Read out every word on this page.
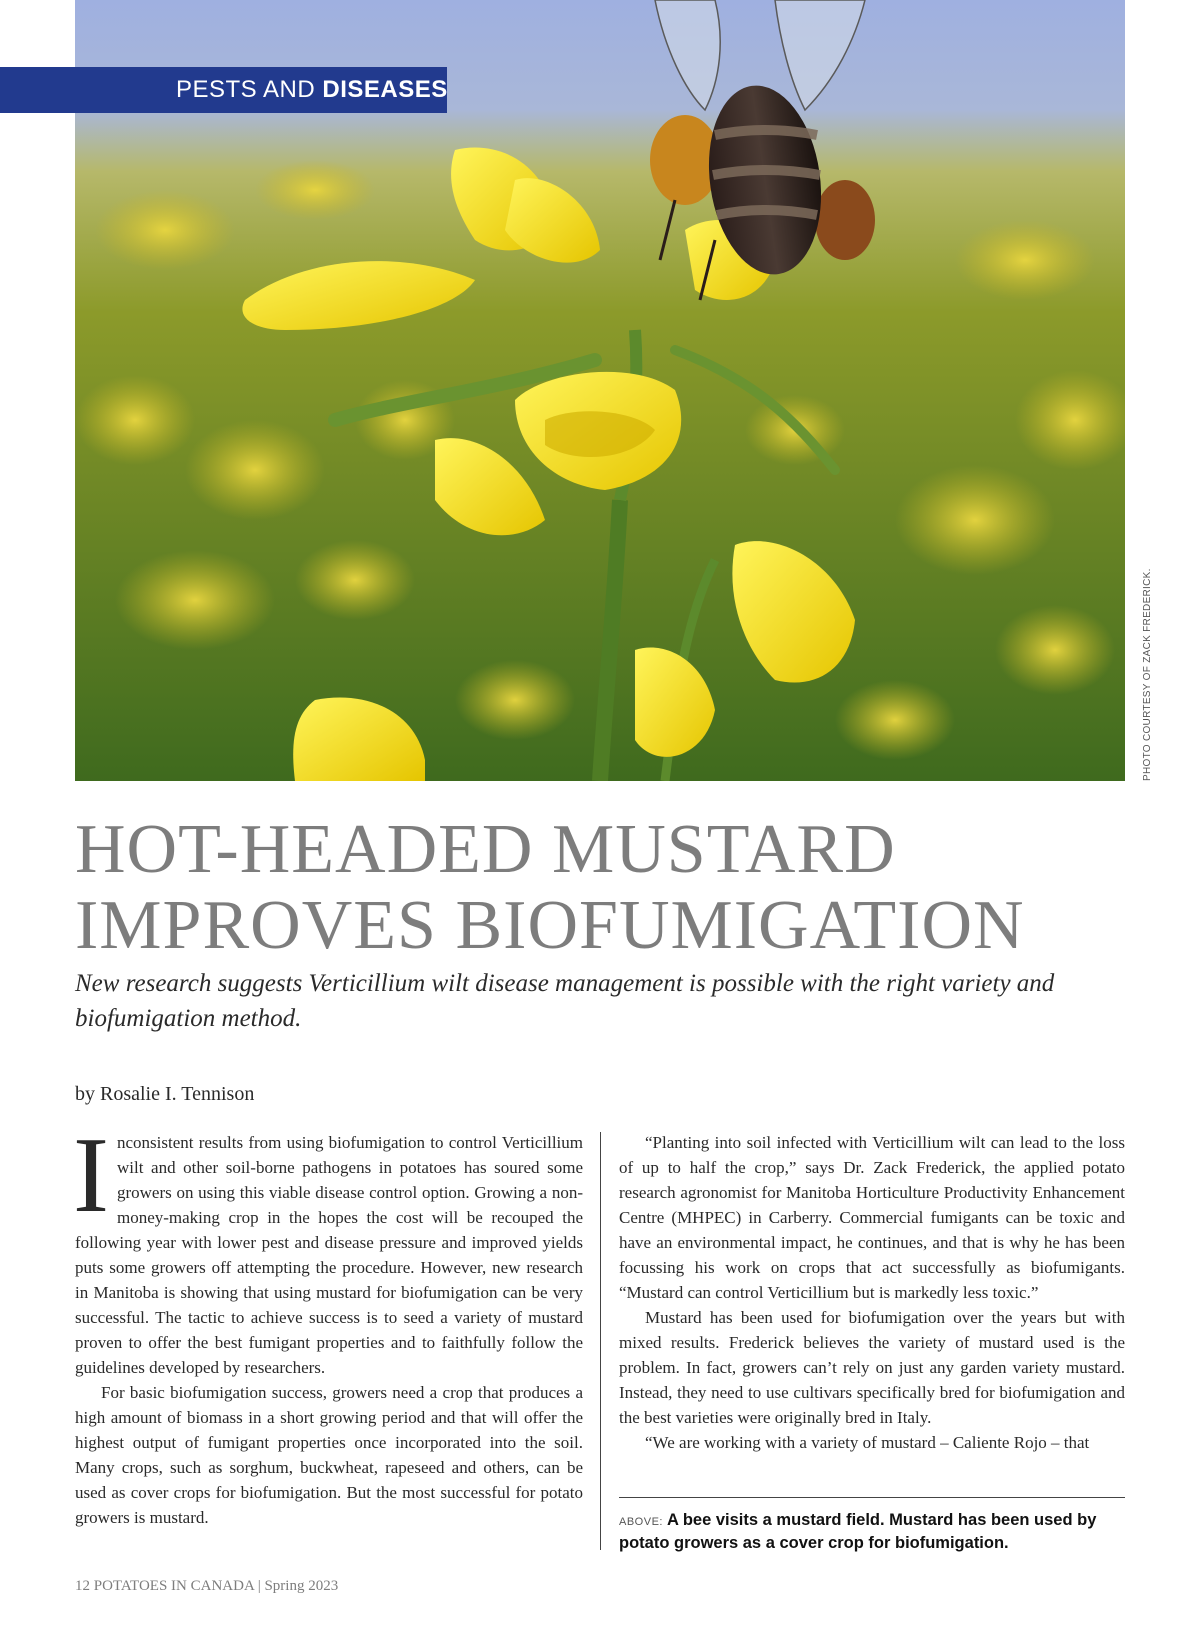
PESTS AND DISEASES
PHOTO COURTESY OF ZACK FREDERICK.
HOT-HEADED MUSTARD
IMPROVES BIOFUMIGATION

New research suggests Verticillium wilt disease management is possible with the right variety and biofumigation method.

by Rosalie I. Tennison

Inconsistent results from using biofumigation to control Verticillium wilt and other soil-borne pathogens in potatoes has soured some growers on using this viable disease control option. Growing a non-money-making crop in the hopes the cost will be recouped the following year with lower pest and disease pressure and improved yields puts some growers off attempting the procedure. However, new research in Manitoba is showing that using mustard for biofumigation can be very successful. The tactic to achieve success is to seed a variety of mustard proven to offer the best fumigant properties and to faithfully follow the guidelines developed by researchers.

For basic biofumigation success, growers need a crop that produces a high amount of biomass in a short growing period and that will offer the highest output of fumigant properties once incorporated into the soil. Many crops, such as sorghum, buckwheat, rapeseed and others, can be used as cover crops for biofumigation. But the most successful for potato growers is mustard.

“Planting into soil infected with Verticillium wilt can lead to the loss of up to half the crop,” says Dr. Zack Frederick, the applied potato research agronomist for Manitoba Horticulture Productivity Enhancement Centre (MHPEC) in Carberry. Commercial fumigants can be toxic and have an environmental impact, he continues, and that is why he has been focussing his work on crops that act successfully as biofumigants. “Mustard can control Verticillium but is markedly less toxic.”

Mustard has been used for biofumigation over the years but with mixed results. Frederick believes the variety of mustard used is the problem. In fact, growers can’t rely on just any garden variety mustard. Instead, they need to use cultivars specifically bred for biofumigation and the best varieties were originally bred in Italy.

“We are working with a variety of mustard – Caliente Rojo – that

ABOVE: A bee visits a mustard field. Mustard has been used by potato growers as a cover crop for biofumigation.
12 POTATOES IN CANADA | Spring 2023
